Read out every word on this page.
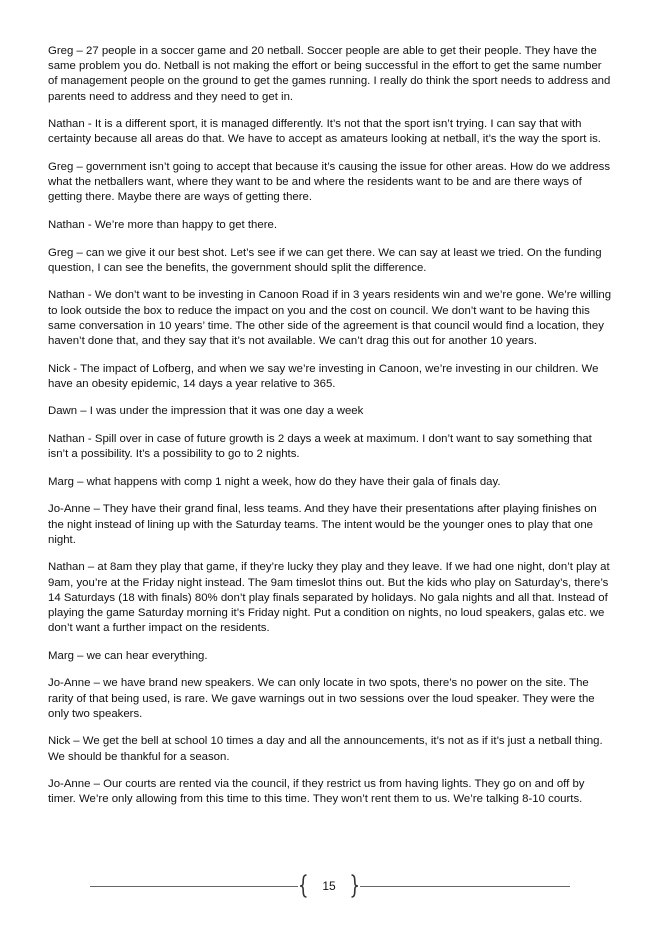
Greg – 27 people in a soccer game and 20 netball. Soccer people are able to get their people. They have the same problem you do. Netball is not making the effort or being successful in the effort to get the same number of management people on the ground to get the games running. I really do think the sport needs to address and parents need to address and they need to get in.

Nathan - It is a different sport, it is managed differently. It’s not that the sport isn’t trying. I can say that with certainty because all areas do that. We have to accept as amateurs looking at netball, it’s the way the sport is.

Greg – government isn’t going to accept that because it’s causing the issue for other areas. How do we address what the netballers want, where they want to be and where the residents want to be and are there ways of getting there. Maybe there are ways of getting there.

Nathan - We’re more than happy to get there.

Greg – can we give it our best shot. Let’s see if we can get there. We can say at least we tried. On the funding question, I can see the benefits, the government should split the difference.

Nathan - We don’t want to be investing in Canoon Road if in 3 years residents win and we’re gone. We’re willing to look outside the box to reduce the impact on you and the cost on council. We don’t want to be having this same conversation in 10 years’ time. The other side of the agreement is that council would find a location, they haven’t done that, and they say that it’s not available. We can’t drag this out for another 10 years.

Nick - The impact of Lofberg, and when we say we’re investing in Canoon, we’re investing in our children. We have an obesity epidemic, 14 days a year relative to 365.

Dawn – I was under the impression that it was one day a week

Nathan - Spill over in case of future growth is 2 days a week at maximum. I don’t want to say something that isn’t a possibility. It’s a possibility to go to 2 nights.

Marg – what happens with comp 1 night a week, how do they have their gala of finals day.

Jo-Anne – They have their grand final, less teams. And they have their presentations after playing finishes on the night instead of lining up with the Saturday teams. The intent would be the younger ones to play that one night.

Nathan – at 8am they play that game, if they’re lucky they play and they leave. If we had one night, don’t play at 9am, you’re at the Friday night instead. The 9am timeslot thins out. But the kids who play on Saturday’s, there’s 14 Saturdays (18 with finals) 80% don’t play finals separated by holidays. No gala nights and all that. Instead of playing the game Saturday morning it’s Friday night. Put a condition on nights, no loud speakers, galas etc. we don’t want a further impact on the residents.

Marg – we can hear everything.

Jo-Anne – we have brand new speakers. We can only locate in two spots, there’s no power on the site. The rarity of that being used, is rare. We gave warnings out in two sessions over the loud speaker. They were the only two speakers.

Nick – We get the bell at school 10 times a day and all the announcements, it’s not as if it’s just a netball thing. We should be thankful for a season.

Jo-Anne – Our courts are rented via the council, if they restrict us from having lights. They go on and off by timer. We’re only allowing from this time to this time. They won’t rent them to us. We’re talking 8-10 courts.

15
